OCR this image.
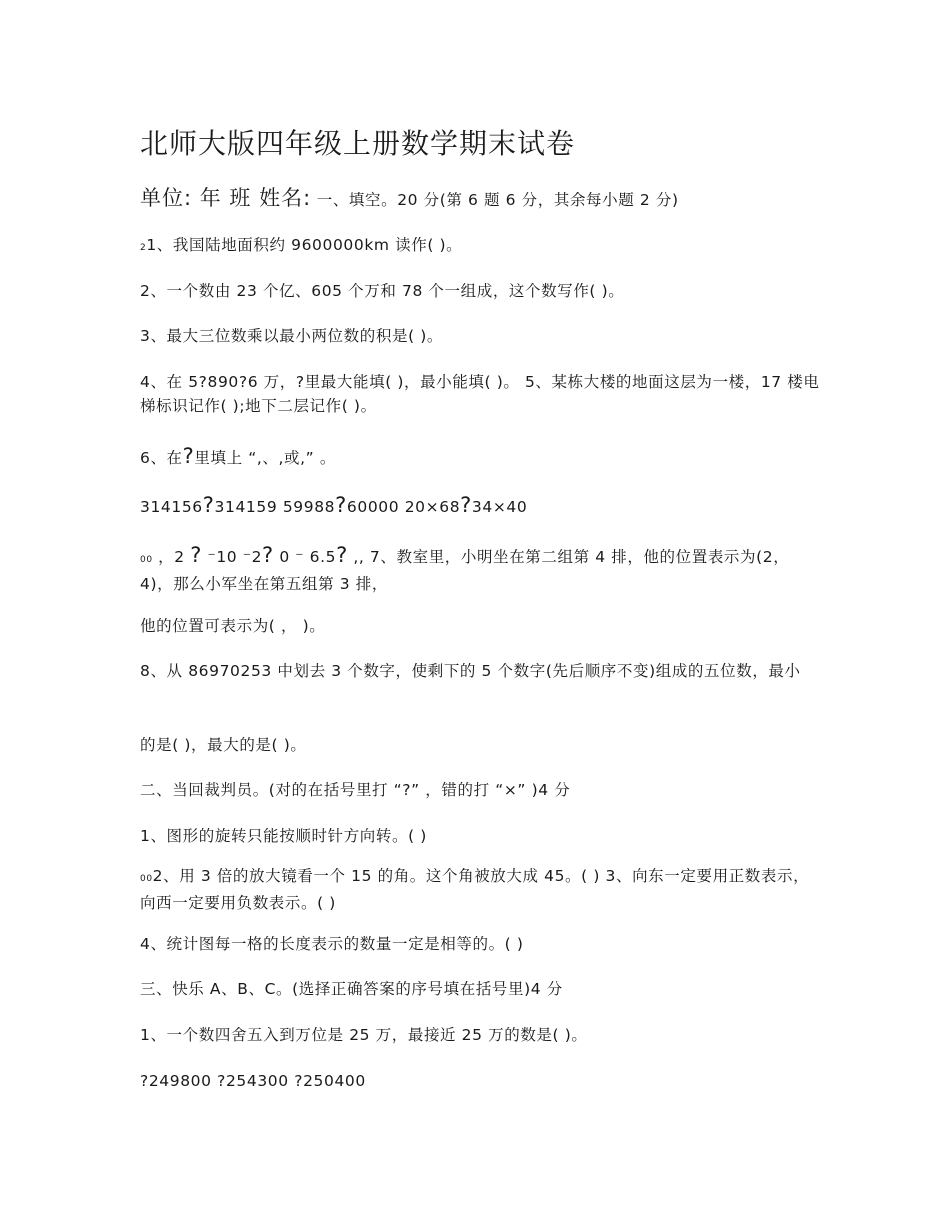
北师大版四年级上册数学期末试卷
单位: 年 班 姓名: 一、填空。20 分(第 6 题 6 分，其余每小题 2 分)
21、我国陆地面积约 9600000km 读作( )。
2、一个数由 23 个亿、605 个万和 78 个一组成，这个数写作( )。
3、最大三位数乘以最小两位数的积是( )。
4、在 5?890?6 万，?里最大能填( )，最小能填( )。 5、某栋大楼的地面这层为一楼，17 楼电梯标识记作( );地下二层记作( )。
6、在?里填上 “,、,或,” 。
314156?314159 59988?60000 20×68?34×40
00 ，2 ? ⁻10 ⁻2? 0 ⁻ 6.5? ,, 7、教室里，小明坐在第二组第 4 排，他的位置表示为(2，4)，那么小军坐在第五组第 3 排，
他的位置可表示为( ， )。
8、从 86970253 中划去 3 个数字，使剩下的 5 个数字(先后顺序不变)组成的五位数，最小
的是( )，最大的是( )。
二、当回裁判员。(对的在括号里打 “?” ，错的打 “×” )4 分
1、图形的旋转只能按顺时针方向转。( )
002、用 3 倍的放大镜看一个 15 的角。这个角被放大成 45。( ) 3、向东一定要用正数表示，向西一定要用负数表示。( )
4、统计图每一格的长度表示的数量一定是相等的。( )
三、快乐 A、B、C。(选择正确答案的序号填在括号里)4 分
1、一个数四舍五入到万位是 25 万，最接近 25 万的数是( )。
?249800 ?254300 ?250400
